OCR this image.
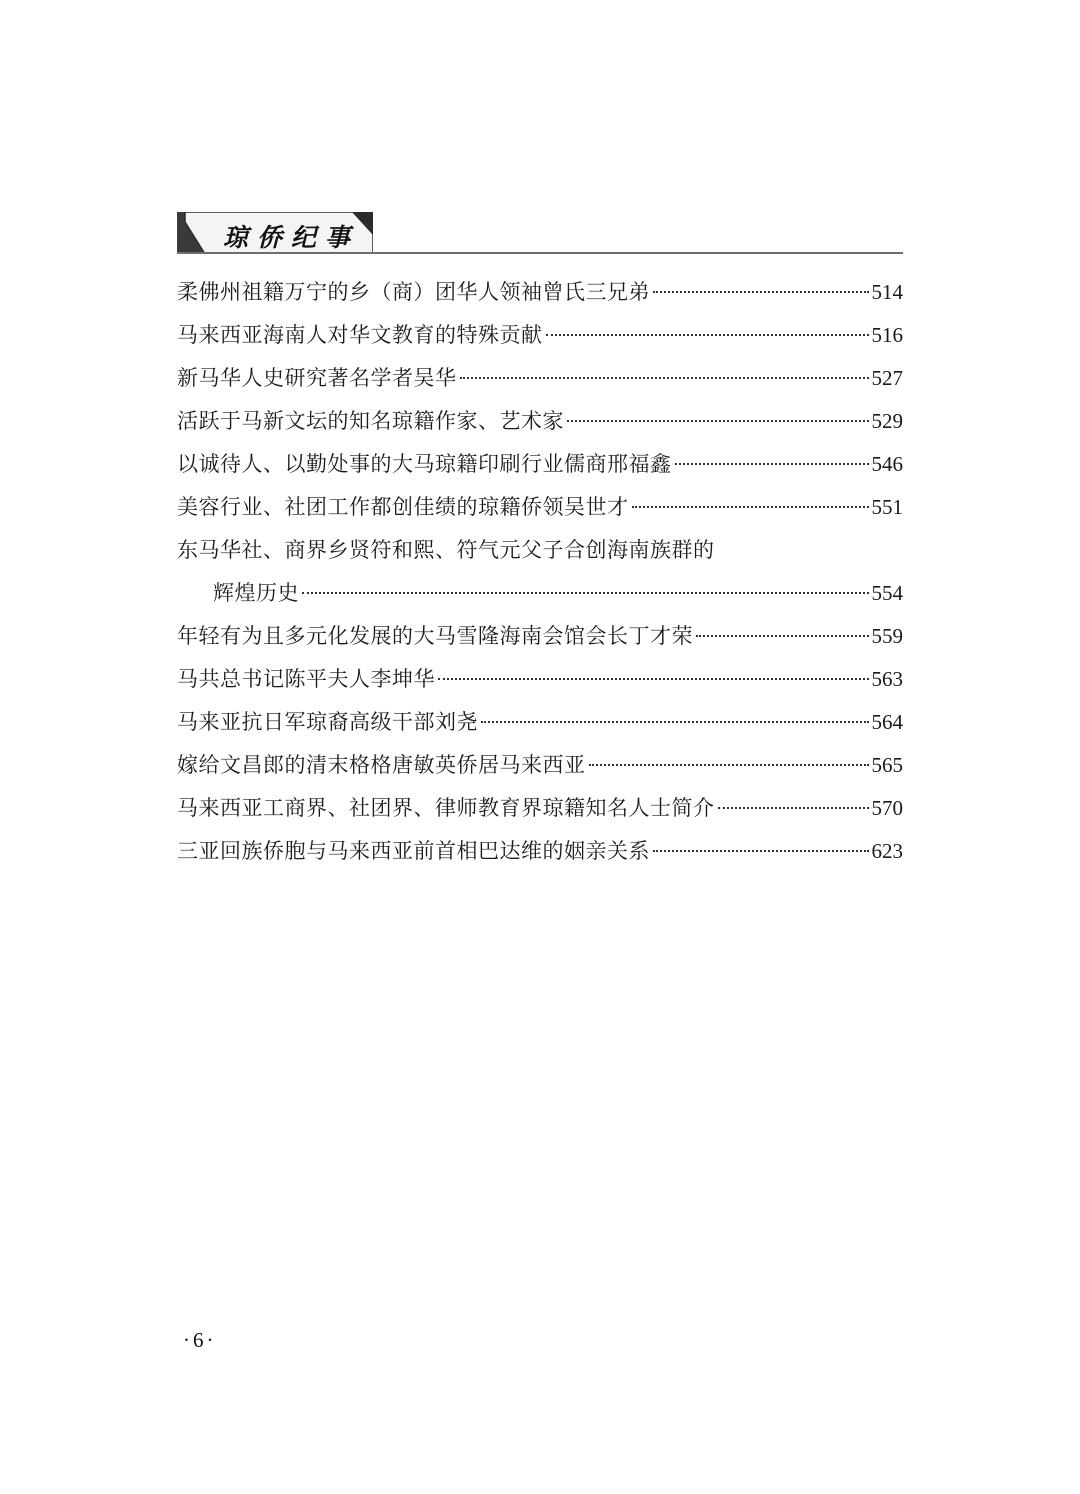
琼侨纪事
柔佛州祖籍万宁的乡（商）团华人领袖曾氏三兄弟	514
马来西亚海南人对华文教育的特殊贡献	516
新马华人史研究著名学者吴华	527
活跃于马新文坛的知名琼籍作家、艺术家	529
以诚待人、以勤处事的大马琼籍印刷行业儒商邢福鑫	546
美容行业、社团工作都创佳绩的琼籍侨领吴世才	551
东马华社、商界乡贤符和熙、符气元父子合创海南族群的
辉煌历史	554
年轻有为且多元化发展的大马雪隆海南会馆会长丁才荣	559
马共总书记陈平夫人李坤华	563
马来亚抗日军琼裔高级干部刘尧	564
嫁给文昌郎的清末格格唐敏英侨居马来西亚	565
马来西亚工商界、社团界、律师教育界琼籍知名人士简介	570
三亚回族侨胞与马来西亚前首相巴达维的姻亲关系	623
· 6 ·
